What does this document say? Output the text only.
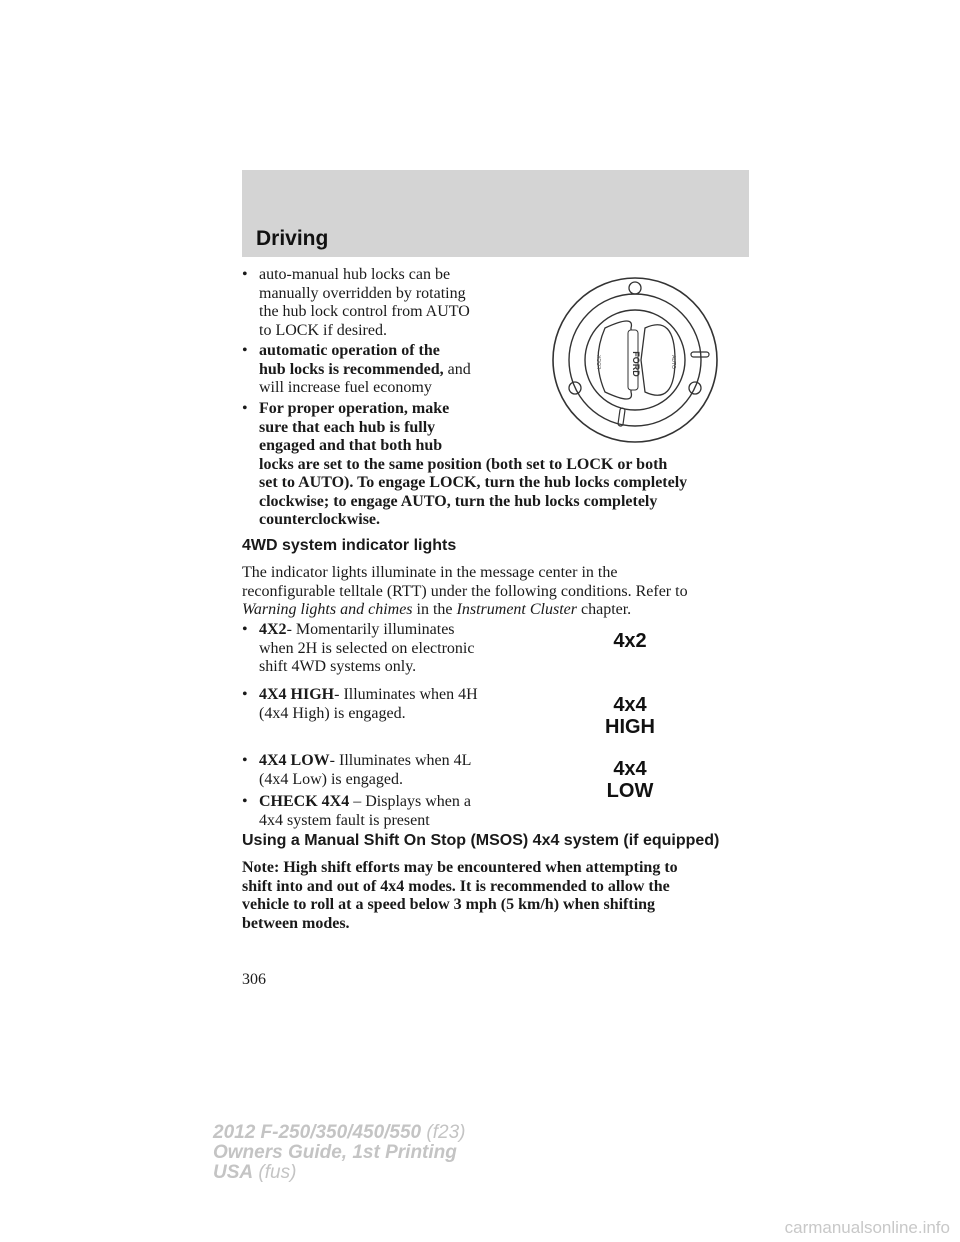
Driving
• auto-manual hub locks can be
manually overridden by rotating
the hub lock control from AUTO
to LOCK if desired.
• automatic operation of the
hub locks is recommended, and
will increase fuel economy
• For proper operation, make
sure that each hub is fully
engaged and that both hub
locks are set to the same position (both set to LOCK or both
set to AUTO). To engage LOCK, turn the hub locks completely
clockwise; to engage AUTO, turn the hub locks completely
counterclockwise.
FORD
LOCK	AUTO
4WD system indicator lights
The indicator lights illuminate in the message center in the
reconfigurable telltale (RTT) under the following conditions. Refer to
Warning lights and chimes in the Instrument Cluster chapter.
• 4X2- Momentarily illuminates
when 2H is selected on electronic
shift 4WD systems only.
4x2
• 4X4 HIGH- Illuminates when 4H
(4x4 High) is engaged.	4x4
HIGH
• 4X4 LOW- Illuminates when 4L
(4x4 Low) is engaged.	4x4
LOW
• CHECK 4X4 – Displays when a
4x4 system fault is present
Using a Manual Shift On Stop (MSOS) 4x4 system (if equipped)
Note: High shift efforts may be encountered when attempting to
shift into and out of 4x4 modes. It is recommended to allow the
vehicle to roll at a speed below 3 mph (5 km/h) when shifting
between modes.
306
2012 F-250/350/450/550 (f23)
Owners Guide, 1st Printing
USA (fus)
carmanualsonline.info
